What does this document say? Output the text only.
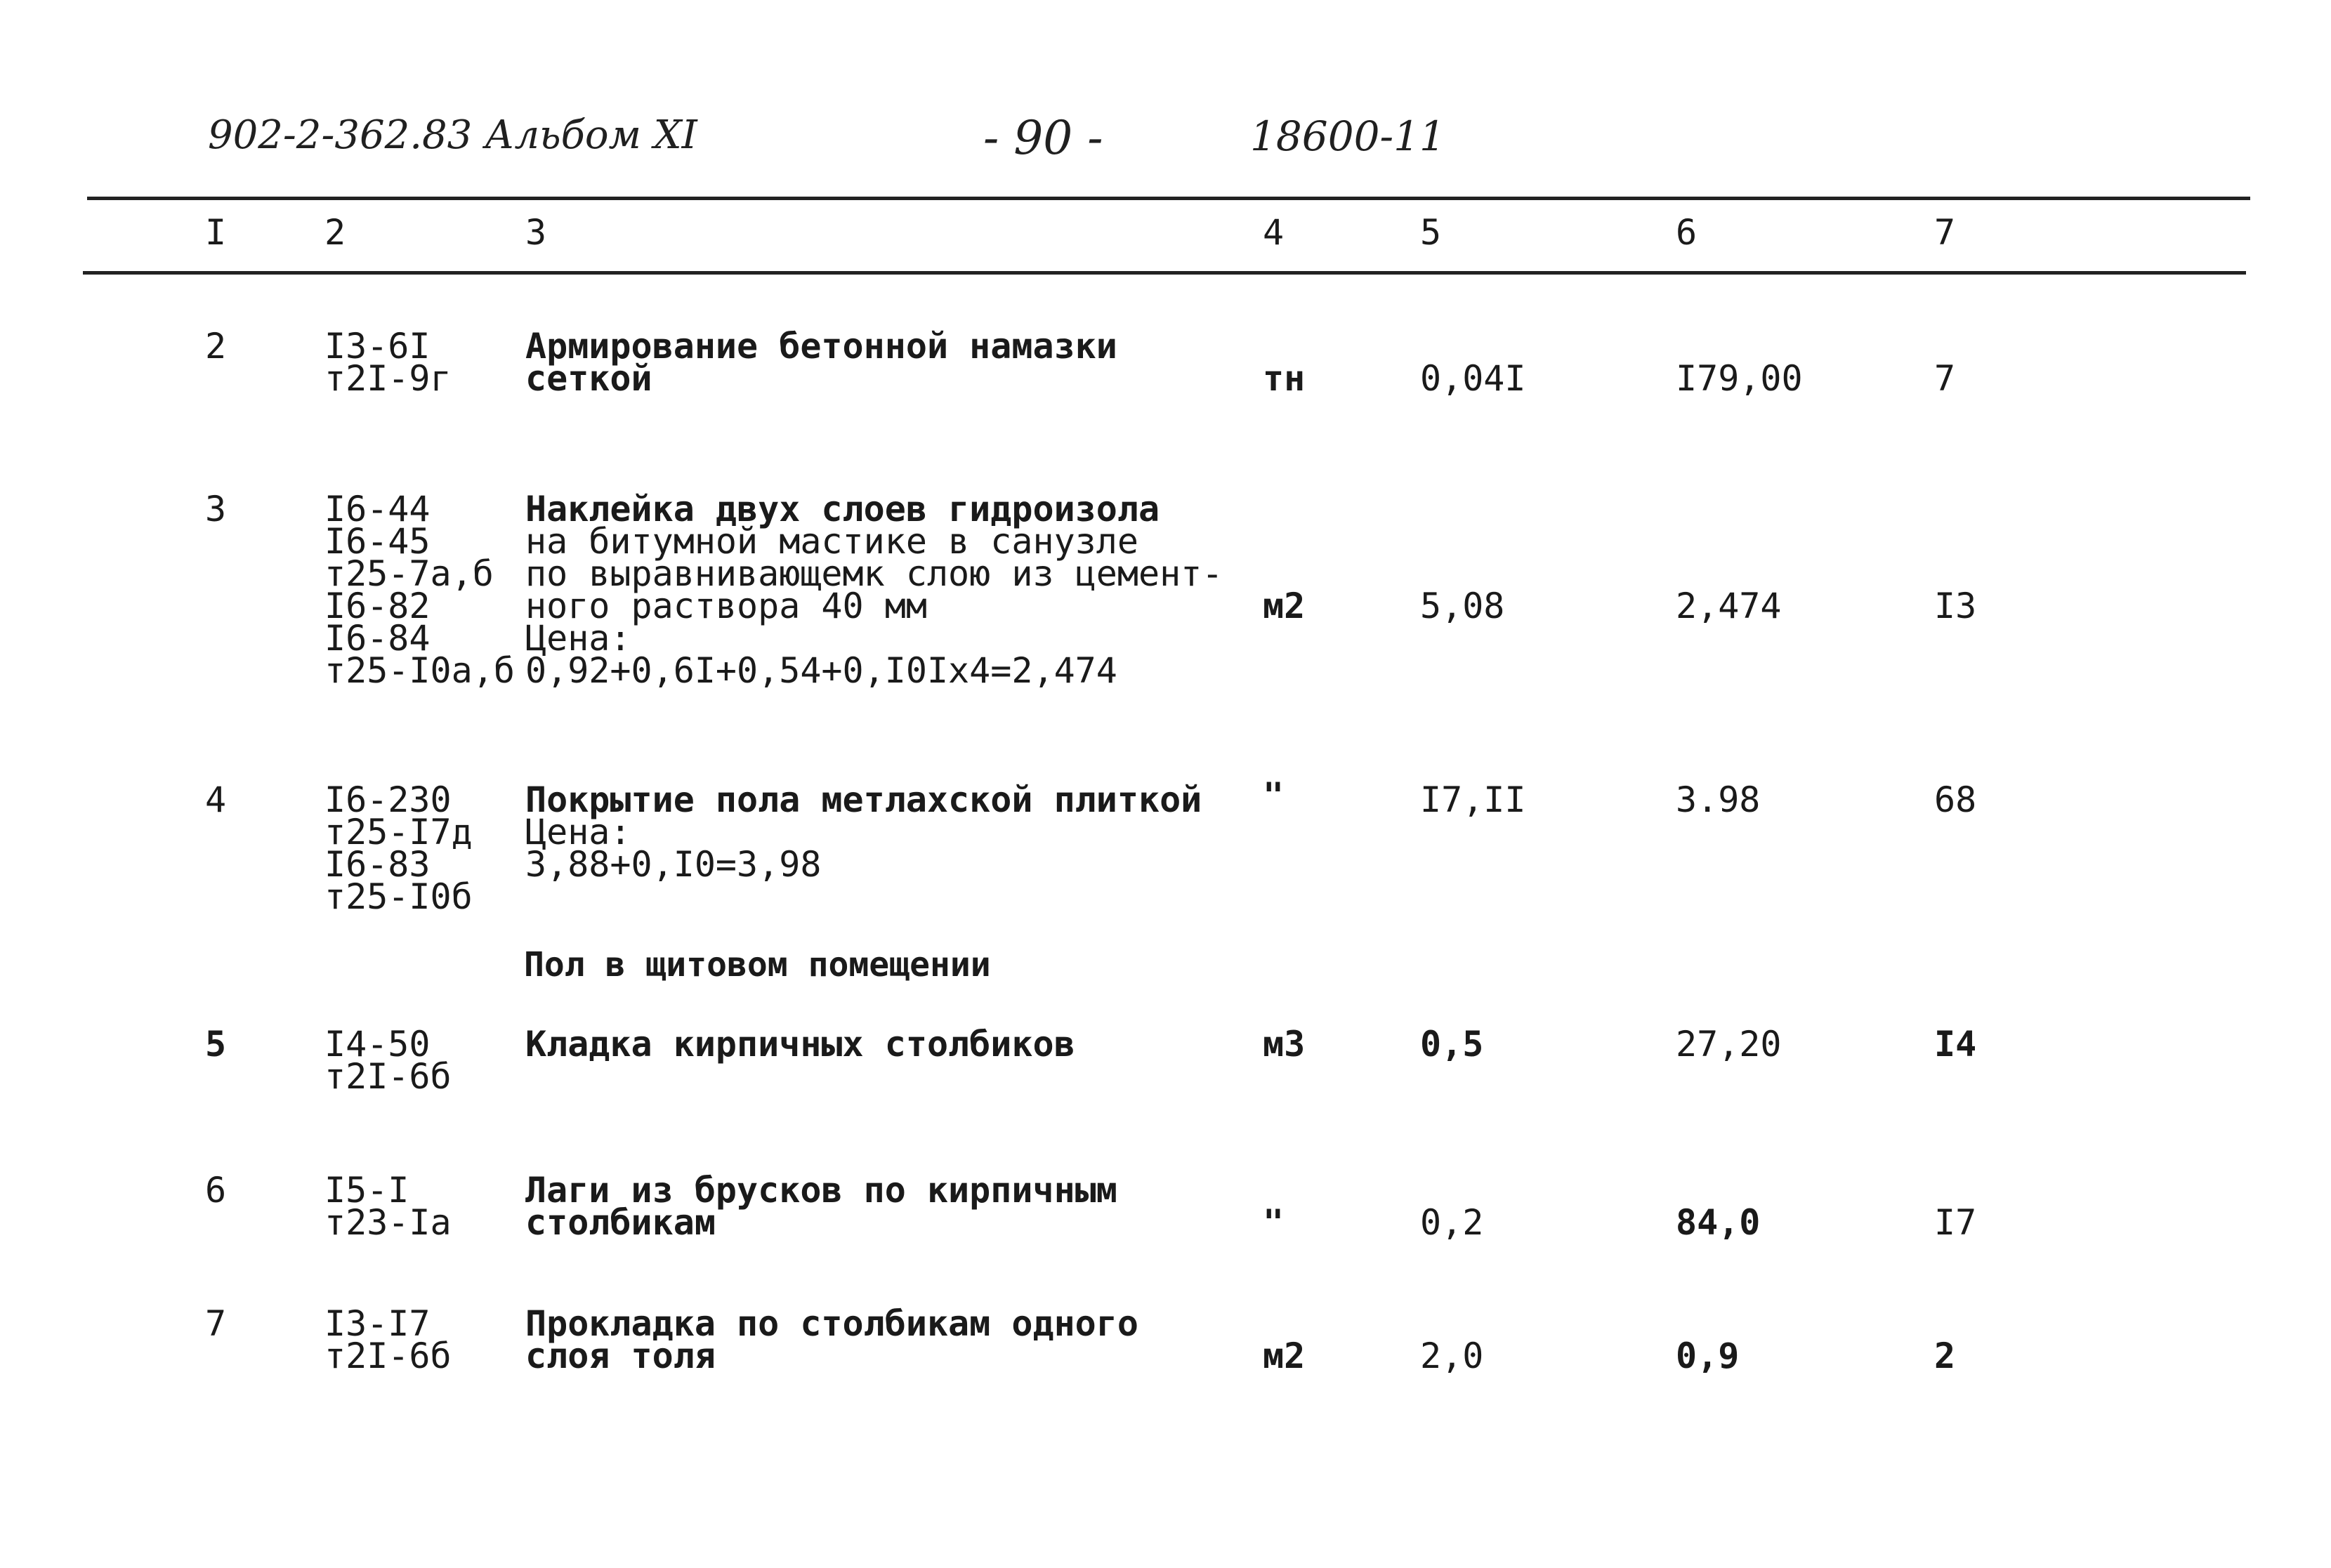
902-2-362.83 Альбом XI	- 90 -	18600-11
I	2	3	4	5	6	7
2	I3-6I
т2I-9г
Армирование бетонной намазки
сеткой	тн	0,04I	I79,00	7
3	I6-44
I6-45
т25-7а,б
I6-82
I6-84
т25-I0а,б
Наклейка двух слоев гидроизола
на битумной мастике в санузле
по выравнивающемк слою из цемент-
ного раствора 40 мм
Цена:
0,92+0,6I+0,54+0,I0Iх4=2,474
м2	5,08	2,474	I3
4	I6-230
т25-I7д
I6-83
т25-I0б
Покрытие пола метлахской плиткой
Цена:
3,88+0,I0=3,98
"	I7,II	3.98	68
Пол в щитовом помещении
5	I4-50
т2I-6б
Кладка кирпичных столбиков	м3	0,5	27,20	I4
6	I5-I
т23-Iа
Лаги из брусков по кирпичным
столбикам	"	0,2	84,0	I7
7	I3-I7
т2I-6б
Прокладка по столбикам одного
слоя толя	м2	2,0	0,9	2
